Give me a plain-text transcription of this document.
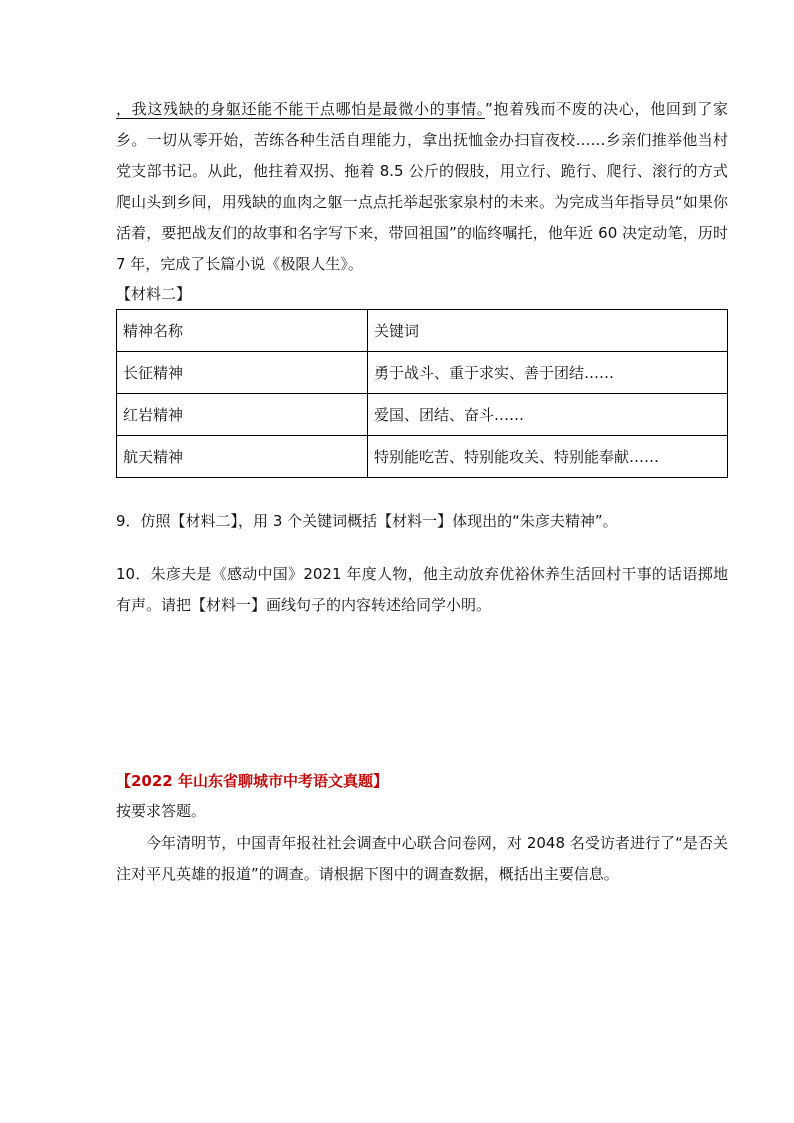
，我这残缺的身躯还能不能干点哪怕是最微小的事情。”抱着残而不废的决心，他回到了家乡。一切从零开始，苦练各种生活自理能力，拿出抚恤金办扫盲夜校……乡亲们推举他当村党支部书记。从此，他拄着双拐、拖着 8.5 公斤的假肢，用立行、跪行、爬行、滚行的方式爬山头到乡间，用残缺的血肉之躯一点点托举起张家泉村的未来。为完成当年指导员“如果你活着，要把战友们的故事和名字写下来，带回祖国”的临终嘱托，他年近 60 决定动笔，历时 7 年，完成了长篇小说《极限人生》。

【材料二】

精神名称	关键词
长征精神	勇于战斗、重于求实、善于团结……
红岩精神	爱国、团结、奋斗……
航天精神	特别能吃苦、特别能攻关、特别能奉献……

9．仿照【材料二】，用 3 个关键词概括【材料一】体现出的“朱彦夫精神”。

10．朱彦夫是《感动中国》2021 年度人物，他主动放弃优裕休养生活回村干事的话语掷地有声。请把【材料一】画线句子的内容转述给同学小明。

【2022 年山东省聊城市中考语文真题】
按要求答题。

今年清明节，中国青年报社社会调查中心联合问卷网，对 2048 名受访者进行了“是否关注对平凡英雄的报道”的调查。请根据下图中的调查数据，概括出主要信息。
